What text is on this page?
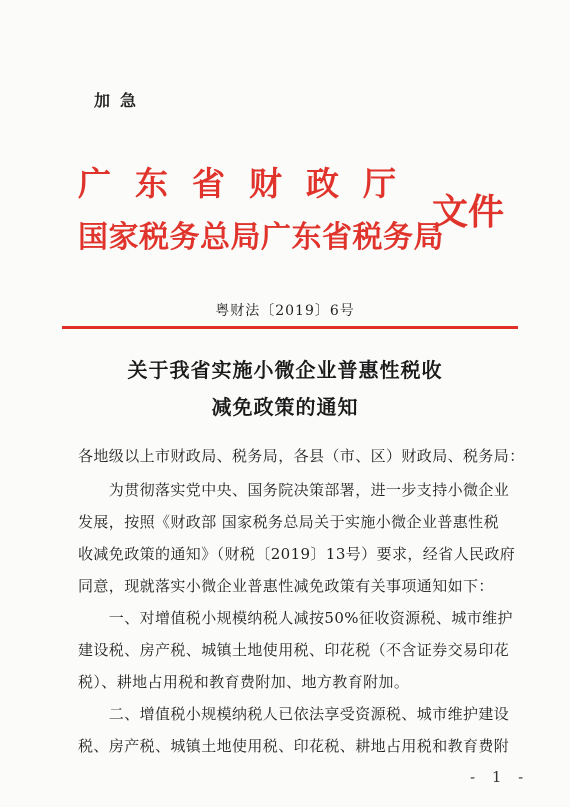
加急
广东省财政厅
国家税务总局广东省税务局
文件
粤财法〔2019〕6号
关于我省实施小微企业普惠性税收
减免政策的通知
各地级以上市财政局、税务局，各县（市、区）财政局、税务局：
　　为贯彻落实党中央、国务院决策部署，进一步支持小微企业
发展，按照《财政部 国家税务总局关于实施小微企业普惠性税
收减免政策的通知》（财税〔2019〕13号）要求，经省人民政府
同意，现就落实小微企业普惠性减免政策有关事项通知如下：
　　一、对增值税小规模纳税人减按50%征收资源税、城市维护
建设税、房产税、城镇土地使用税、印花税（不含证券交易印花
税）、耕地占用税和教育费附加、地方教育附加。
　　二、增值税小规模纳税人已依法享受资源税、城市维护建设
税、房产税、城镇土地使用税、印花税、耕地占用税和教育费附
- 1 -
